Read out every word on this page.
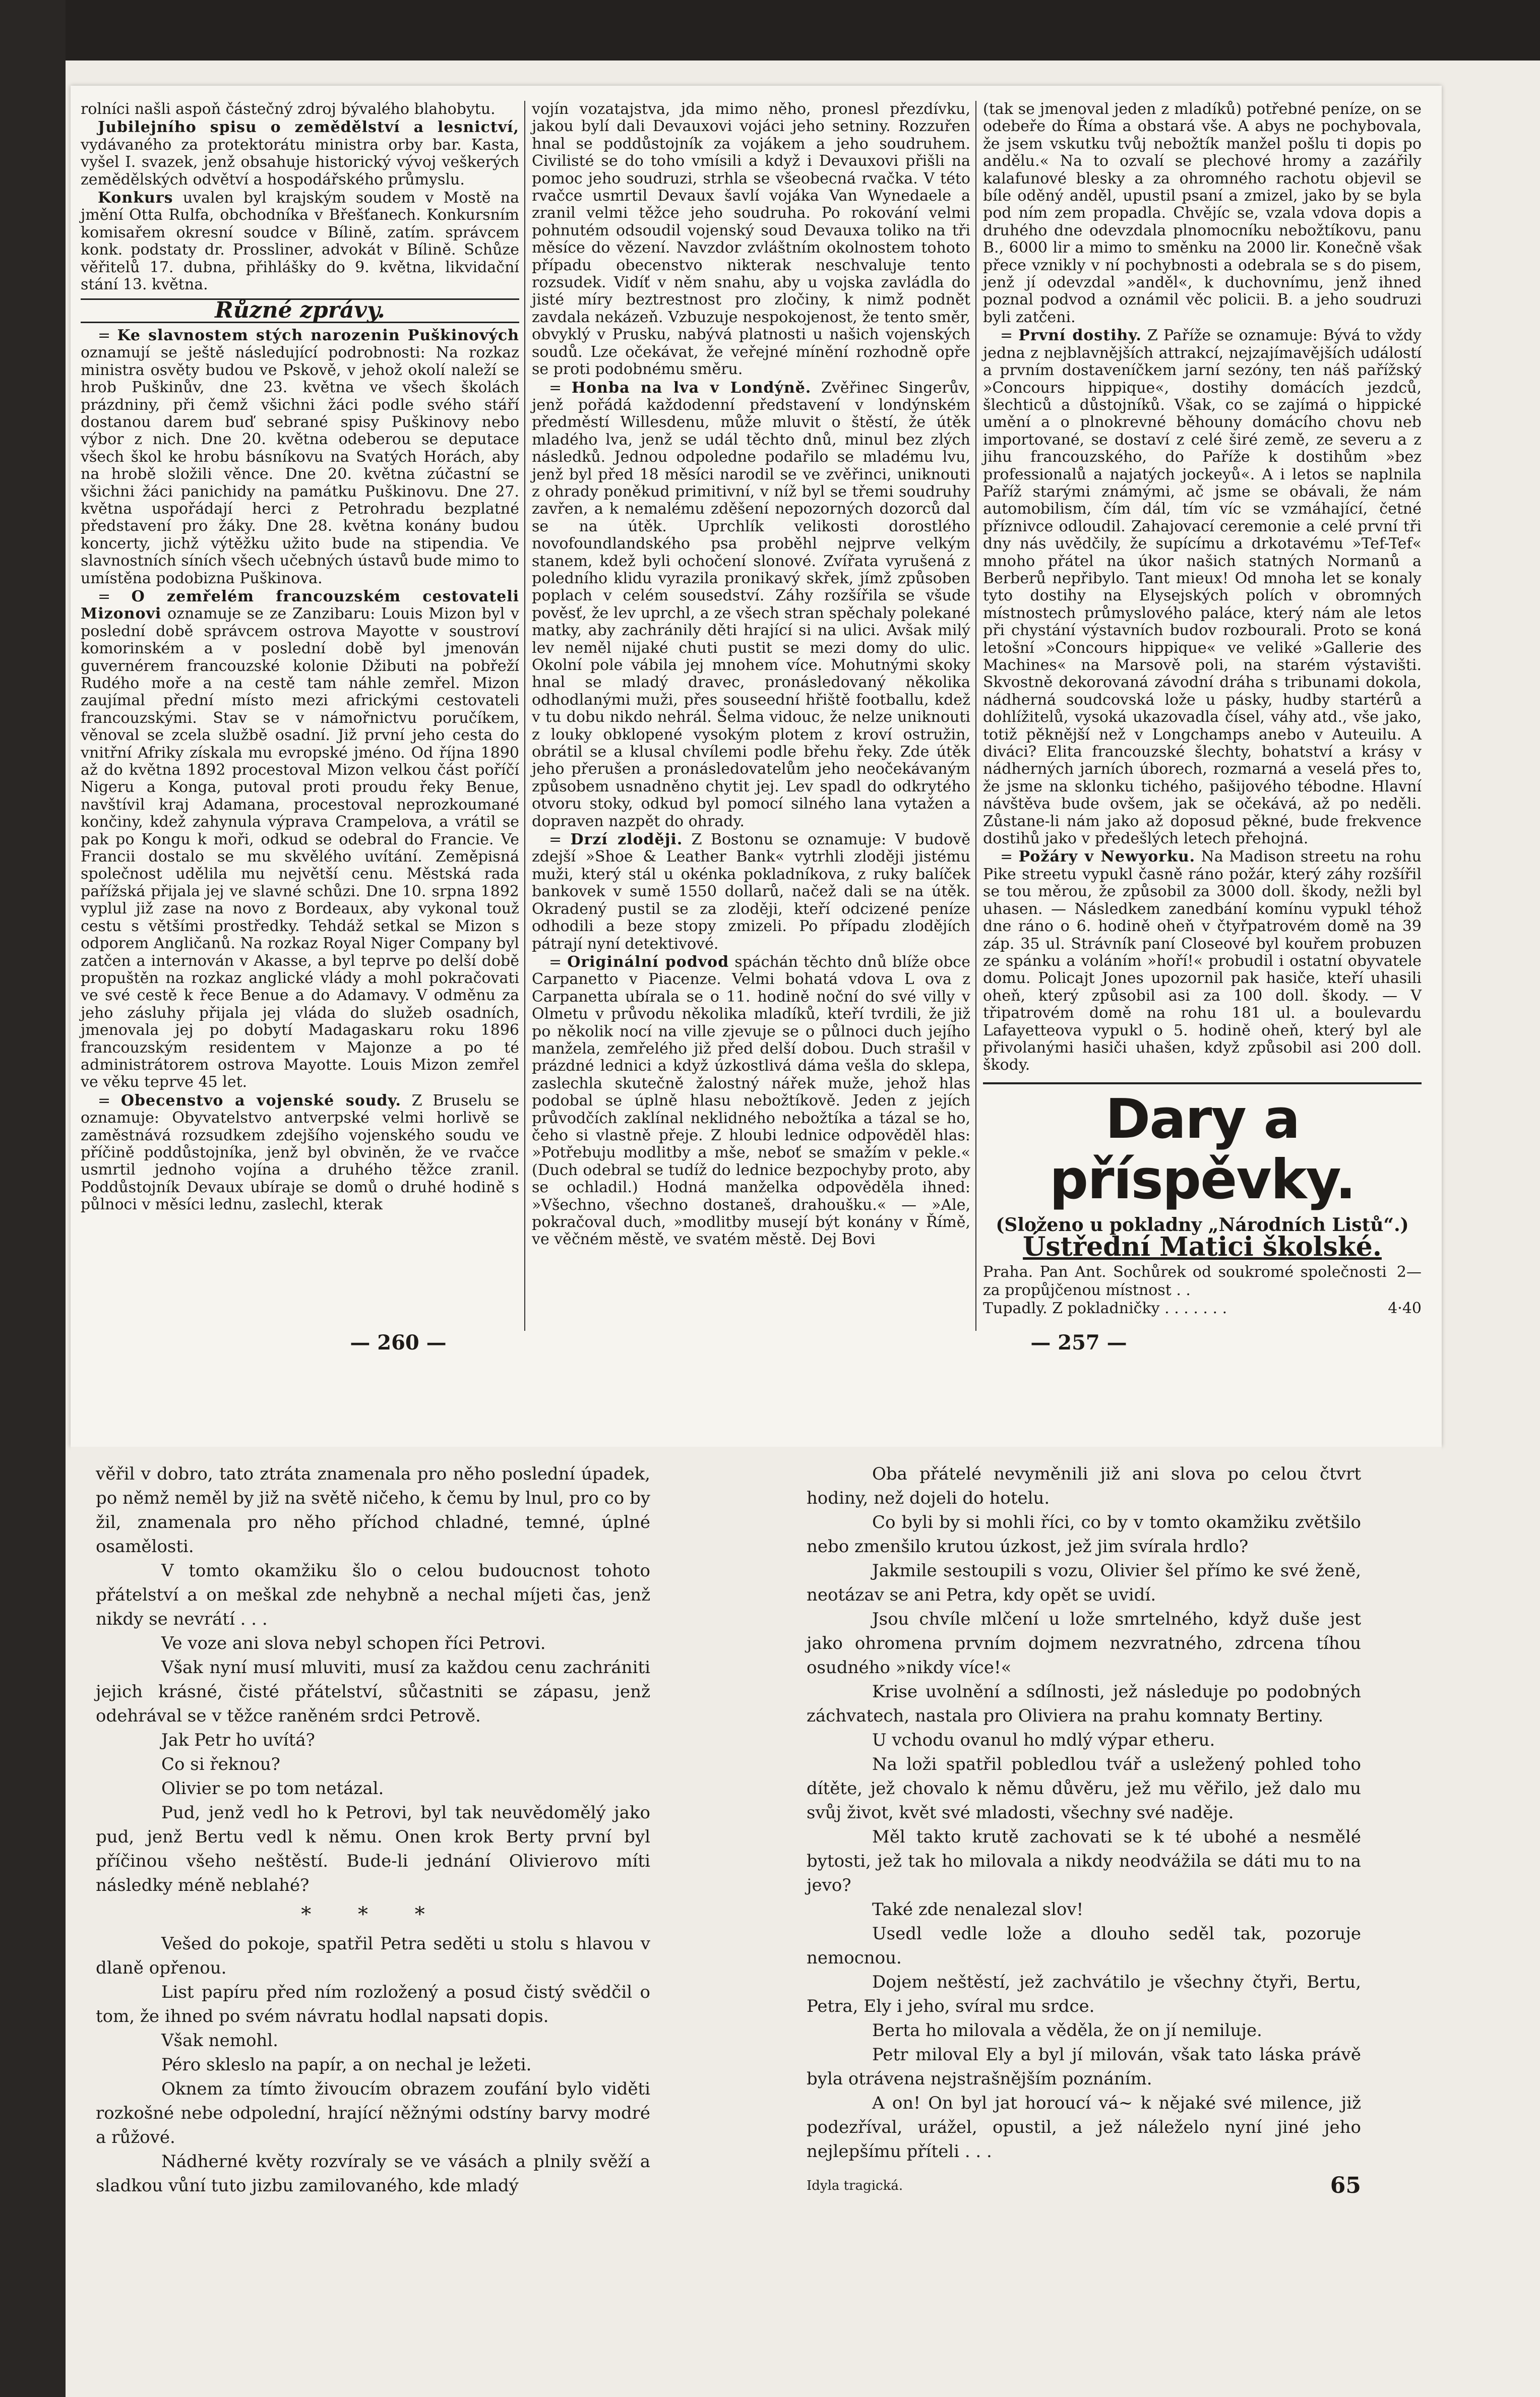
rolníci našli aspoň částečný zdroj bývalého blahobytu.

Jubilejního spisu o zemědělství a lesnictví, vydávaného za protektorátu ministra orby bar. Kasta, vyšel I. svazek, jenž obsahuje historický vývoj veškerých zemědělských odvětví a hospodářského průmyslu.

Konkurs uvalen byl krajským soudem v Mostě na jmění Otta Rulfa, obchodníka v Břešťanech. Konkursním komisařem okresní soudce v Bílině, zatím. správcem konk. podstaty dr. Prossliner, advokát v Bílině. Schůze věřitelů 17. dubna, přihlášky do 9. května, likvidační stání 13. května.

Různé zprávy.

= Ke slavnostem stých narozenin Puškinových oznamují se ještě následující podrobnosti: Na rozkaz ministra osvěty budou ve Pskově, v jehož okolí naleží se hrob Puškinův, dne 23. května ve všech školách prázdniny, při čemž všichni žáci podle svého stáří dostanou darem buď sebrané spisy Puškinovy nebo výbor z nich. Dne 20. května odeberou se deputace všech škol ke hrobu básníkovu na Svatých Horách, aby na hrobě složili věnce. Dne 20. května zúčastní se všichni žáci panichidy na památku Puškinovu. Dne 27. května uspořádají herci z Petrohradu bezplatné představení pro žáky. Dne 28. května konány budou koncerty, jichž výtěžku užito bude na stipendia. Ve slavnostních síních všech učebných ústavů bude mimo to umístěna podobizna Puškinova.

= O zemřelém francouzském cestovateli Mizonovi oznamuje se ze Zanzibaru: Louis Mizon byl v poslední době správcem ostrova Mayotte v soustroví komorinském a v poslední době byl jmenován guvernérem francouzské kolonie Džibuti na pobřeží Rudého moře a na cestě tam náhle zemřel. Mizon zaujímal přední místo mezi africkými cestovateli francouzskými. Stav se v námořnictvu poručíkem, věnoval se zcela službě osadní. Již první jeho cesta do vnitřní Afriky získala mu evropské jméno. Od října 1890 až do května 1892 procestoval Mizon velkou část poříčí Nigeru a Konga, putoval proti proudu řeky Benue, navštívil kraj Adamana, procestoval neprozkoumané končiny, kdež zahynula výprava Crampelova, a vrátil se pak po Kongu k moři, odkud se odebral do Francie. Ve Francii dostalo se mu skvělého uvítání. Zeměpisná společnost udělila mu největší cenu. Městská rada pařížská přijala jej ve slavné schůzi. Dne 10. srpna 1892 vyplul již zase na novo z Bordeaux, aby vykonal touž cestu s většími prostředky. Tehdáž setkal se Mizon s odporem Angličanů. Na rozkaz Royal Niger Company byl zatčen a internován v Akasse, a byl teprve po delší době propuštěn na rozkaz anglické vlády a mohl pokračovati ve své cestě k řece Benue a do Adamavy. V odměnu za jeho zásluhy přijala jej vláda do služeb osadních, jmenovala jej po dobytí Madagaskaru roku 1896 francouzským residentem v Majonze a po té administrátorem ostrova Mayotte. Louis Mizon zemřel ve věku teprve 45 let.

= Obecenstvo a vojenské soudy. Z Bruselu se oznamuje: Obyvatelstvo antverpské velmi horlivě se zaměstnává rozsudkem zdejšího vojenského soudu ve příčině poddůstojníka, jenž byl obviněn, že ve rvačce usmrtil jednoho vojína a druhého těžce zranil. Poddůstojník Devaux ubíraje se domů o druhé hodině s půlnoci v měsíci lednu, zaslechl, kterak

vojín vozatajstva, jda mimo něho, pronesl přezdívku, jakou bylí dali Devauxovi vojáci jeho setniny. Rozzuřen hnal se poddůstojník za vojákem a jeho soudruhem. Civilisté se do toho vmísili a když i Devauxovi přišli na pomoc jeho soudruzi, strhla se všeobecná rvačka. V této rvačce usmrtil Devaux šavlí vojáka Van Wynedaele a zranil velmi těžce jeho soudruha. Po rokování velmi pohnutém odsoudil vojenský soud Devauxa toliko na tři měsíce do vězení. Navzdor zvláštním okolnostem tohoto případu obecenstvo nikterak neschvaluje tento rozsudek. Vidíť v něm snahu, aby u vojska zavládla do jisté míry beztrestnost pro zločiny, k nimž podnět zavdala nekázeň. Vzbuzuje nespokojenost, že tento směr, obvyklý v Prusku, nabývá platnosti u našich vojenských soudů. Lze očekávat, že veřejné mínění rozhodně opře se proti podobnému směru.

= Honba na lva v Londýně. Zvěřinec Singerův, jenž pořádá každodenní představení v londýnském předměstí Willesdenu, může mluvit o štěstí, že útěk mladého lva, jenž se udál těchto dnů, minul bez zlých následků. Jednou odpoledne podařilo se mladému lvu, jenž byl před 18 měsíci narodil se ve zvěřinci, uniknouti z ohrady poněkud primitivní, v níž byl se třemi soudruhy zavřen, a k nemalému zděšení nepozorných dozorců dal se na útěk. Uprchlík velikosti dorostlého novofoundlandského psa proběhl nejprve velkým stanem, kdež byli ochočení slonové. Zvířata vyrušená z poledního klidu vyrazila pronikavý skřek, jímž způsoben poplach v celém sousedství. Záhy rozšířila se všude pověsť, že lev uprchl, a ze všech stran spěchaly polekané matky, aby zachránily děti hrající si na ulici. Avšak milý lev neměl nijaké chuti pustit se mezi domy do ulic. Okolní pole vábila jej mnohem více. Mohutnými skoky hnal se mladý dravec, pronásledovaný několika odhodlanými muži, přes souseední hřiště footballu, kdež v tu dobu nikdo nehrál. Šelma vidouc, že nelze uniknouti z louky obklopené vysokým plotem z kroví ostružin, obrátil se a klusal chvílemi podle břehu řeky. Zde útěk jeho přerušen a pronásledovatelům jeho neočekávaným způsobem usnadněno chytit jej. Lev spadl do odkrytého otvoru stoky, odkud byl pomocí silného lana vytažen a dopraven nazpět do ohrady.

= Drzí zloději. Z Bostonu se oznamuje: V budově zdejší »Shoe & Leather Bank« vytrhli zloději jistému muži, který stál u okénka pokladníkova, z ruky balíček bankovek v sumě 1550 dollarů, načež dali se na útěk. Okradený pustil se za zloději, kteří odcizené peníze odhodili a beze stopy zmizeli. Po případu zlodějích pátrají nyní detektivové.

= Originální podvod spáchán těchto dnů blíže obce Carpanetto v Piacenze. Velmi bohatá vdova L ova z Carpanetta ubírala se o 11. hodině noční do své villy v Olmetu v průvodu několika mladíků, kteří tvrdili, že již po několik nocí na ville zjevuje se o půlnoci duch jejího manžela, zemřelého již před delší dobou. Duch strašil v prázdné lednici a když úzkostlivá dáma vešla do sklepa, zaslechla skutečně žalostný nářek muže, jehož hlas podobal se úplně hlasu nebožtíkově. Jeden z jejích průvodčích zaklínal neklidného nebožtíka a tázal se ho, čeho si vlastně přeje. Z hloubi lednice odpověděl hlas: »Potřebuju modlitby a mše, neboť se smažím v pekle.« (Duch odebral se tudíž do lednice bezpochyby proto, aby se ochladil.) Hodná manželka odpověděla ihned: »Všechno, všechno dostaneš, drahoušku.« — »Ale, pokračoval duch, »modlitby musejí být konány v Římě, ve věčném městě, ve svatém městě. Dej Bovi

(tak se jmenoval jeden z mladíků) potřebné peníze, on se odebeře do Říma a obstará vše. A abys ne pochybovala, že jsem vskutku tvůj nebožtík manžel pošlu ti dopis po andělu.« Na to ozvalí se plechové hromy a zazářily kalafunové blesky a za ohromného rachotu objevil se bíle oděný anděl, upustil psaní a zmizel, jako by se byla pod ním zem propadla. Chvějíc se, vzala vdova dopis a druhého dne odevzdala plnomocníku nebožtíkovu, panu B., 6000 lir a mimo to směnku na 2000 lir. Konečně však přece vznikly v ní pochybnosti a odebrala se s do pisem, jenž jí odevzdal »anděl«, k duchovnímu, jenž ihned poznal podvod a oznámil věc policii. B. a jeho soudruzi byli zatčeni.

= První dostihy. Z Paříže se oznamuje: Bývá to vždy jedna z nejblavnějších attrakcí, nejzajímavějších událostí a prvním dostaveníčkem jarní sezóny, ten náš pařížský »Concours hippique«, dostihy domácích jezdců, šlechticů a důstojníků. Však, co se zajímá o hippické umění a o plnokrevné běhouny domácího chovu neb importované, se dostaví z celé širé země, ze severu a z jihu francouzského, do Paříže k dostihům »bez professionalů a najatých jockeyů«. A i letos se naplnila Paříž starými známými, ač jsme se obávali, že nám automobilism, čím dál, tím víc se vzmáhající, četné příznivce odloudil. Zahajovací ceremonie a celé první tři dny nás uvědčily, že supícímu a drkotavému »Tef-Tef« mnoho přátel na úkor našich statných Normanů a Berberů nepřibylo. Tant mieux! Od mnoha let se konaly tyto dostihy na Elysejských polích v obromných místnostech průmyslového paláce, který nám ale letos při chystání výstavních budov rozbourali. Proto se koná letošní »Concours hippique« ve veliké »Gallerie des Machines« na Marsově poli, na starém výstavišti. Skvostně dekorovaná závodní dráha s tribunami dokola, nádherná soudcovská lože u pásky, hudby startérů a dohlížitelů, vysoká ukazovadla čísel, váhy atd., vše jako, totiž pěknější než v Longchamps anebo v Auteuilu. A diváci? Elita francouzské šlechty, bohatství a krásy v nádherných jarních úborech, rozmarná a veselá přes to, že jsme na sklonku tichého, pašijového tébodne. Hlavní návštěva bude ovšem, jak se očekává, až po neděli. Zůstane-li nám jako až doposud pěkné, bude frekvence dostihů jako v předešlých letech přehojná.

= Požáry v Newyorku. Na Madison streetu na rohu Pike streetu vypukl časně ráno požár, který záhy rozšířil se tou měrou, že způsobil za 3000 doll. škody, nežli byl uhasen. — Následkem zanedbání komínu vypukl téhož dne ráno o 6. hodině oheň v čtyřpatrovém domě na 39 záp. 35 ul. Strávník paní Closeové byl kouřem probuzen ze spánku a voláním »hoří!« probudil i ostatní obyvatele domu. Policajt Jones upozornil pak hasiče, kteří uhasili oheň, který způsobil asi za 100 doll. škody. — V třipatrovém domě na rohu 181 ul. a boulevardu Lafayetteova vypukl o 5. hodině oheň, který byl ale přivolanými hasiči uhašen, když způsobil asi 200 doll. škody.

Dary a příspěvky.
(Složeno u pokladny „Národních Listů“.)
Ústřední Matici školské.
Praha. Pan Ant. Sochůrek od soukromé společnosti za propůjčenou místnost . .
2—
Tupadly. Z pokladničky . . . . . . .	4·40
— 260 —	— 257 —

věřil v dobro, tato ztráta znamenala pro něho poslední úpadek, po němž neměl by již na světě ničeho, k čemu by lnul, pro co by žil, znamenala pro něho příchod chladné, temné, úplné osamělosti.

V tomto okamžiku šlo o celou budoucnost tohoto přátelství a on meškal zde nehybně a nechal míjeti čas, jenž nikdy se nevrátí . . .

Ve voze ani slova nebyl schopen říci Petrovi.

Však nyní musí mluviti, musí za každou cenu zachrániti jejich krásné, čisté přátelství, sůčastniti se zápasu, jenž odehrával se v těžce raněném srdci Petrově.

Jak Petr ho uvítá?

Co si řeknou?

Olivier se po tom netázal.

Pud, jenž vedl ho k Petrovi, byl tak neuvědomělý jako pud, jenž Bertu vedl k němu. Onen krok Berty první byl příčinou všeho neštěstí. Bude-li jednání Olivierovo míti následky méně neblahé?

* * *

Vešed do pokoje, spatřil Petra seděti u stolu s hlavou v dlaně opřenou.

List papíru před ním rozložený a posud čistý svědčil o tom, že ihned po svém návratu hodlal napsati dopis.

Však nemohl.

Péro skleslo na papír, a on nechal je ležeti.

Oknem za tímto živoucím obrazem zoufání bylo viděti rozkošné nebe odpolední, hrající něžnými odstíny barvy modré a růžové.

Nádherné květy rozvíraly se ve vásách a plnily svěží a sladkou vůní tuto jizbu zamilovaného, kde mladý

Oba přátelé nevyměnili již ani slova po celou čtvrt hodiny, než dojeli do hotelu.

Co byli by si mohli říci, co by v tomto okamžiku zvětšilo nebo zmenšilo krutou úzkost, jež jim svírala hrdlo?

Jakmile sestoupili s vozu, Olivier šel přímo ke své ženě, neotázav se ani Petra, kdy opět se uvidí.

Jsou chvíle mlčení u lože smrtelného, když duše jest jako ohromena prvním dojmem nezvratného, zdrcena tíhou osudného »nikdy více!«

Krise uvolnění a sdílnosti, jež následuje po podobných záchvatech, nastala pro Oliviera na prahu komnaty Bertiny.

U vchodu ovanul ho mdlý výpar etheru.

Na loži spatřil pobledlou tvář a usležený pohled toho dítěte, jež chovalo k němu důvěru, jež mu věřilo, jež dalo mu svůj život, květ své mladosti, všechny své naděje.

Měl takto krutě zachovati se k té ubohé a nesmělé bytosti, jež tak ho milovala a nikdy neodvážila se dáti mu to na jevo?

Také zde nenalezal slov!

Usedl vedle lože a dlouho seděl tak, pozoruje nemocnou.

Dojem neštěstí, jež zachvátilo je všechny čtyři, Bertu, Petra, Ely i jeho, svíral mu srdce.

Berta ho milovala a věděla, že on jí nemiluje.

Petr miloval Ely a byl jí milován, však tato láska právě byla otrávena nejstrašnějším poznáním.

A on! On byl jat horoucí vá~ k nějaké své milence, již podezříval, urážel, opustil, a jež náleželo nyní jiné jeho nejlepšímu příteli . . .

Idyla tragická.	65
